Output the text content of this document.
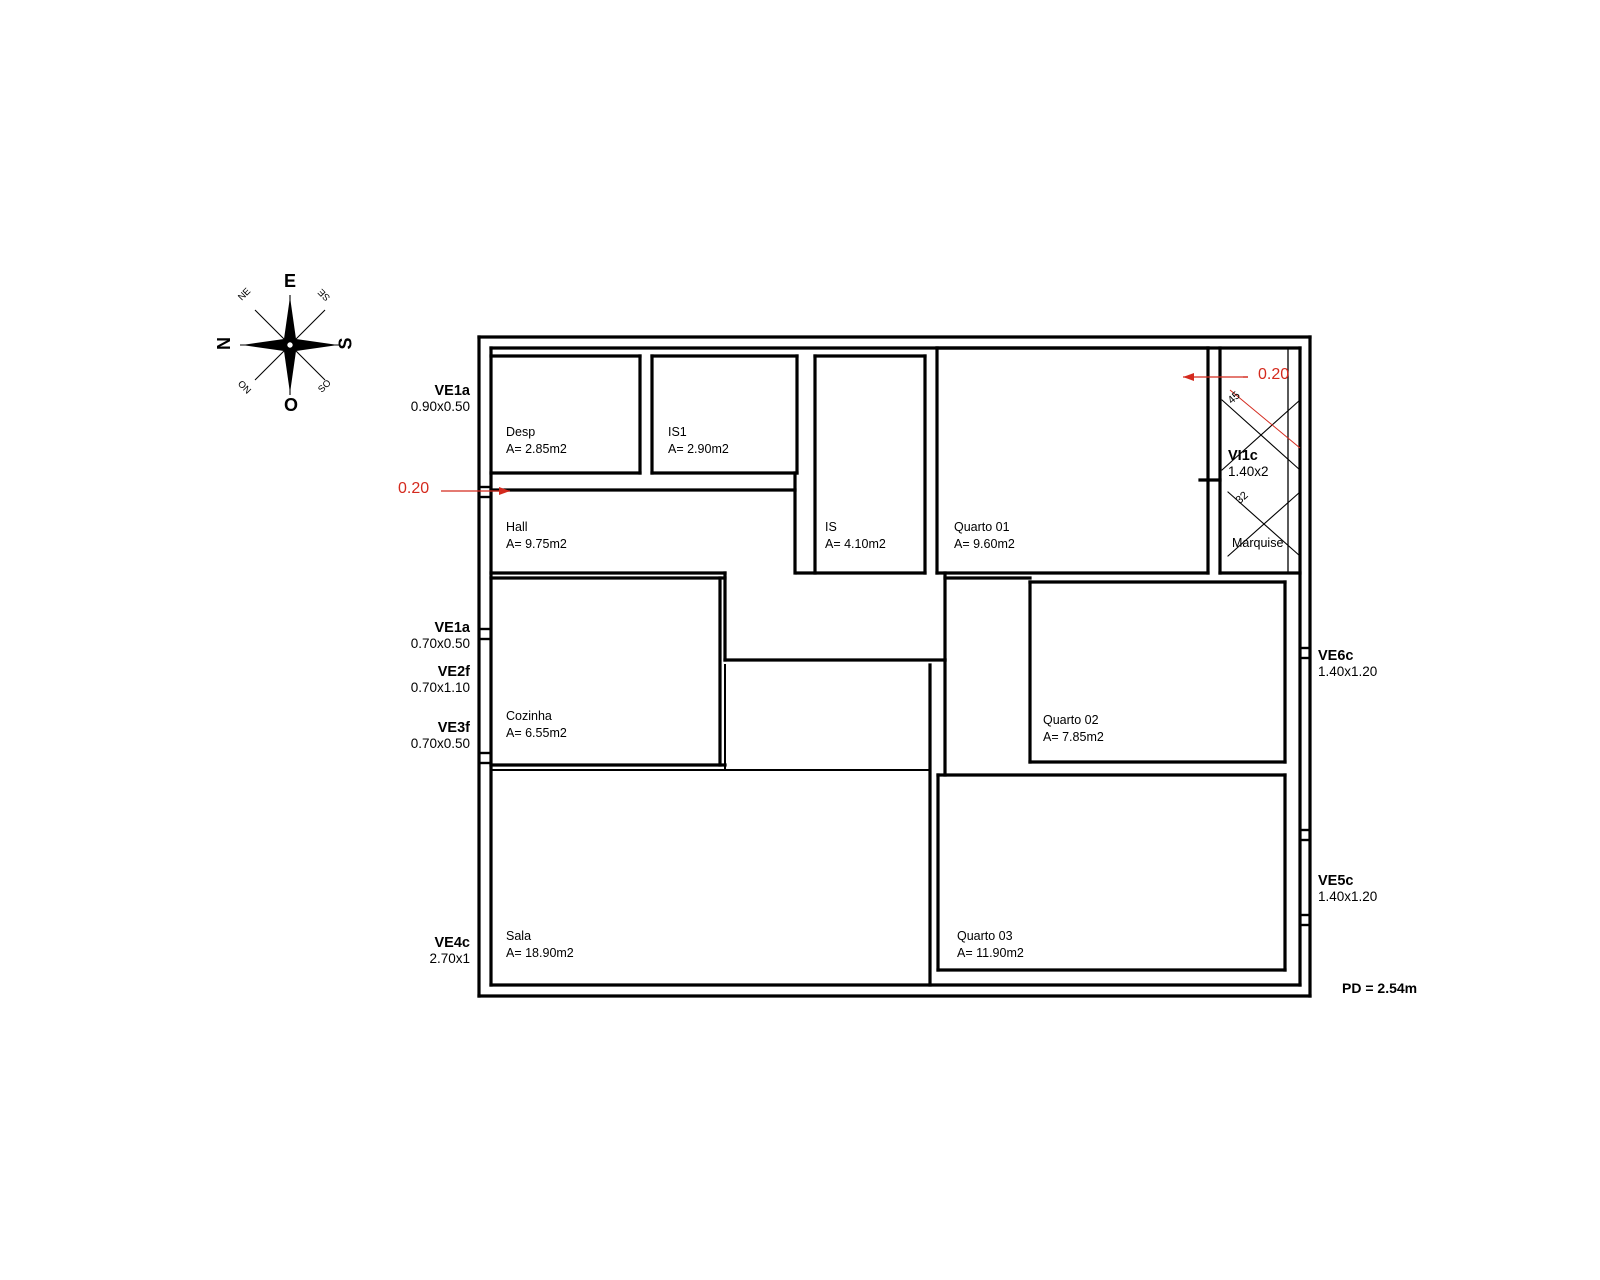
E
N	S
O
NE	SE
SO
NO
Desp
A= 2.85m2
IS1
A= 2.90m2
IS
A= 4.10m2
Quarto 01
A= 9.60m2
Hall
A= 9.75m2	Marquise
Cozinha
A= 6.55m2
Quarto 02
A= 7.85m2
Sala
A= 18.90m2
Quarto 03
A= 11.90m2
VE1a
0.90x0.50
VE1a
0.70x0.50
VE2f
0.70x1.10
VE3f
0.70x0.50
VE4c
2.70x1
VE6c
1.40x1.20
VE5c
1.40x1.20
VI1c
1.40x2
0.20
0.20
45
32
PD = 2.54m
